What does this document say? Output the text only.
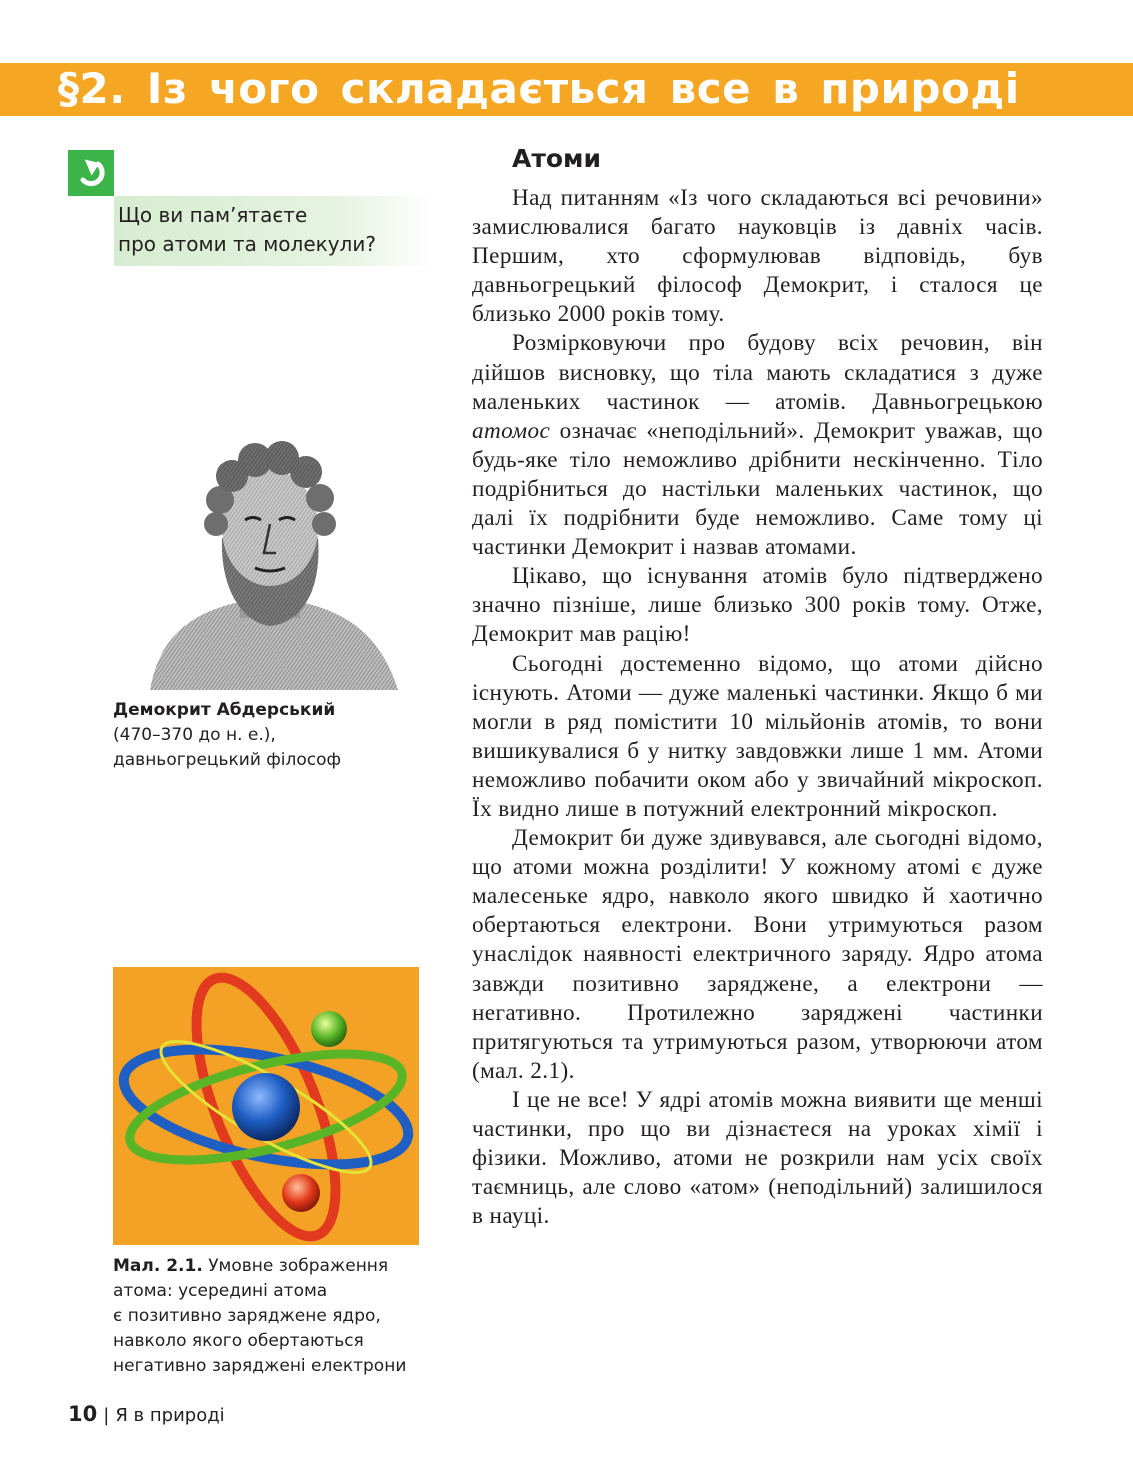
§2. Із чого складається все в природі
Що ви пам’ятаєте
про атоми та молекули?
Демокрит Абдерський
(470–370 до н. е.),
давньогрецький філософ
Мал. 2.1. Умовне зображення
атома: усередині атома
є позитивно заряджене ядро,
навколо якого обертаються
негативно заряджені електрони
Атоми

Над питанням «Із чого складаються всі речовини» замислювалися багато науковців із давніх часів. Першим, хто сформулював відповідь, був давньогрецький філософ Демокрит, і сталося це близько 2000 років тому.

Розмірковуючи про будову всіх речовин, він дійшов висновку, що тіла мають складатися з дуже маленьких частинок — атомів. Давньогрецькою атомос означає «неподільний». Демокрит уважав, що будь-яке тіло неможливо дрібнити нескінченно. Тіло подрібниться до настільки маленьких частинок, що далі їх подрібнити буде неможливо. Саме тому ці частинки Демокрит і назвав атомами.

Цікаво, що існування атомів було підтверджено значно пізніше, лише близько 300 років тому. Отже, Демокрит мав рацію!

Сьогодні достеменно відомо, що атоми дійсно існують. Атоми — дуже маленькі частинки. Якщо б ми могли в ряд помістити 10 мільйонів атомів, то вони вишикувалися б у нитку завдовжки лише 1 мм. Атоми неможливо побачити оком або у звичайний мікроскоп. Їх видно лише в потужний електронний мікроскоп.

Демокрит би дуже здивувався, але сьогодні відомо, що атоми можна розділити! У кожному атомі є дуже малесеньке ядро, навколо якого швидко й хаотично обертаються електрони. Вони утримуються разом унаслідок наявності електричного заряду. Ядро атома завжди позитивно заряджене, а електрони — негативно. Протилежно заряджені частинки притягуються та утримуються разом, утворюючи атом (мал. 2.1).

І це не все! У ядрі атомів можна виявити ще менші частинки, про що ви дізнаєтеся на уроках хімії і фізики. Можливо, атоми не розкрили нам усіх своїх таємниць, але слово «атом» (неподільний) залишилося в науці.

10 | Я в природі
